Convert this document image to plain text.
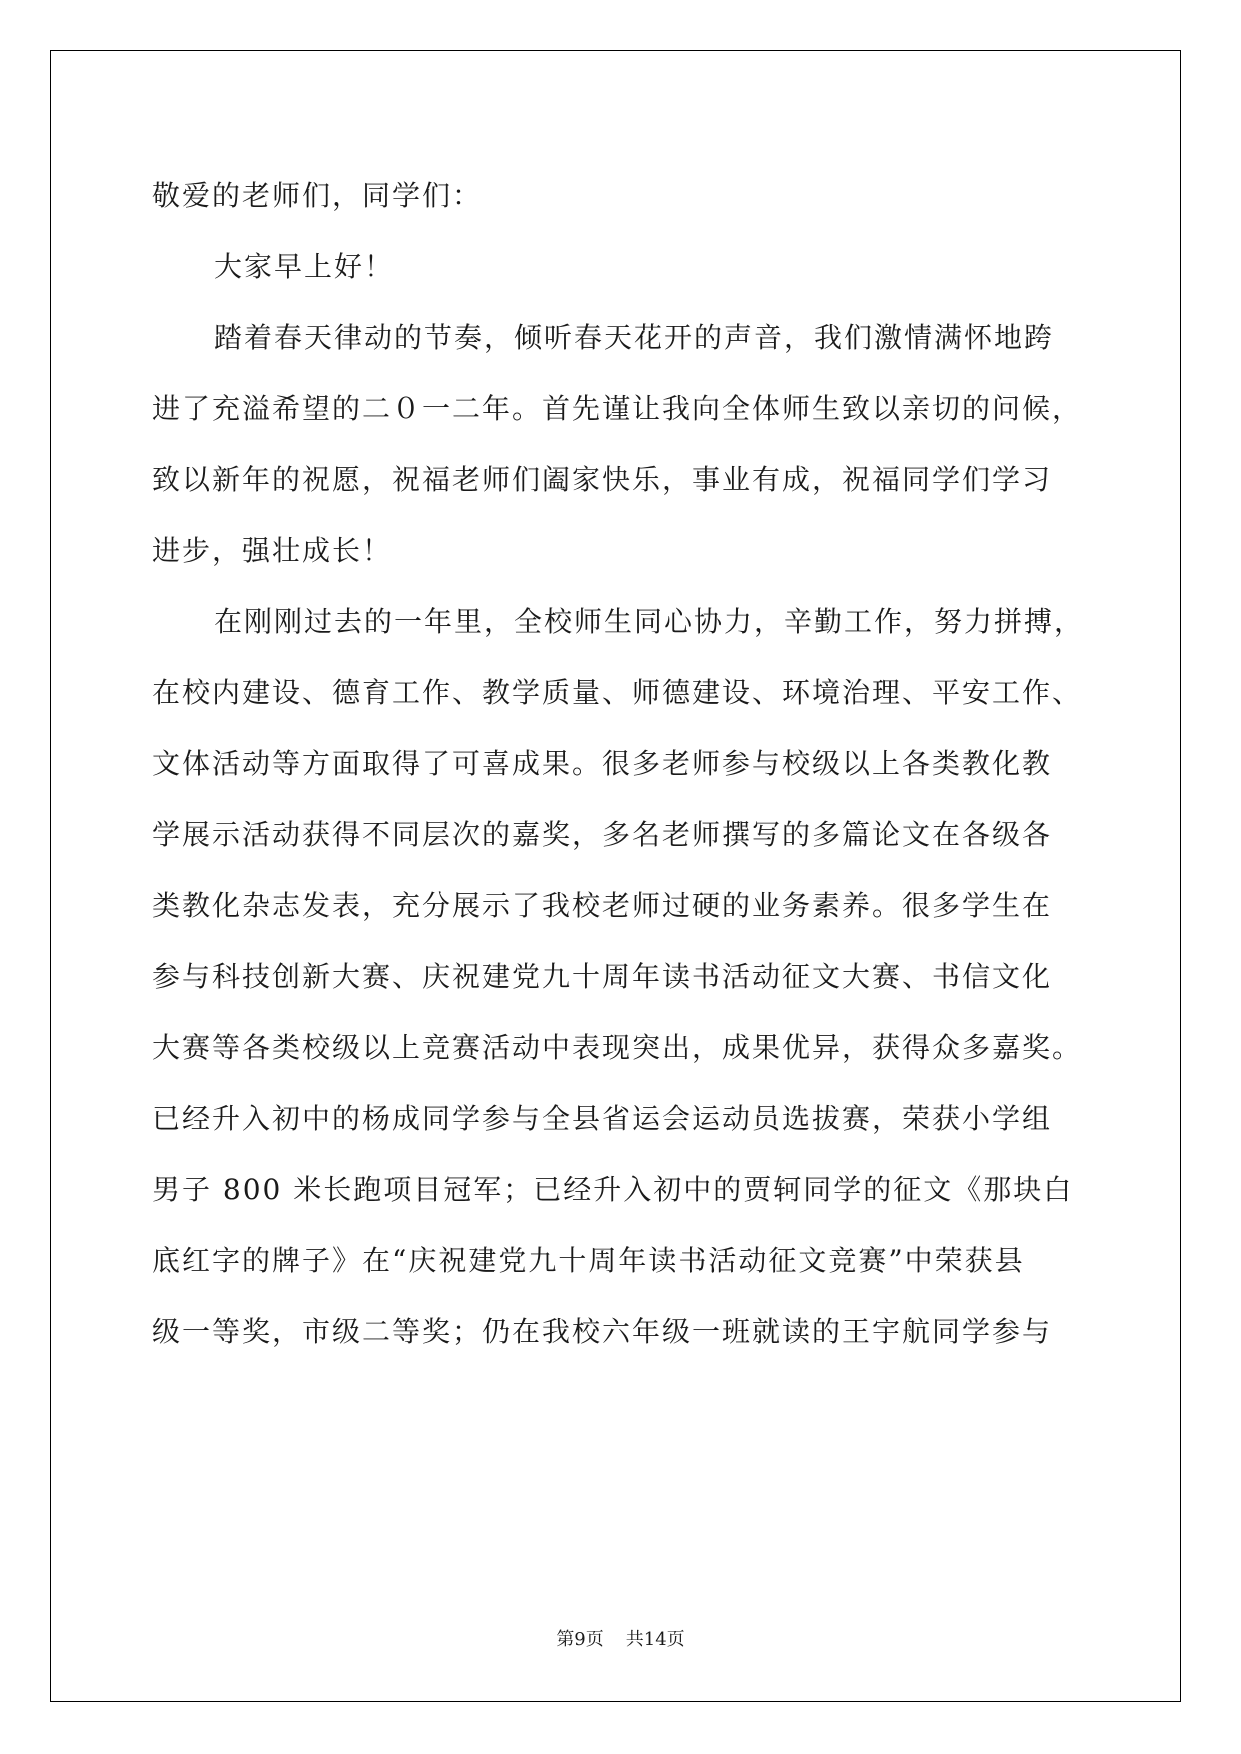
敬爱的老师们，同学们：
大家早上好！
踏着春天律动的节奏，倾听春天花开的声音，我们激情满怀地跨
进了充溢希望的二０一二年。首先谨让我向全体师生致以亲切的问候，
致以新年的祝愿，祝福老师们阖家快乐，事业有成，祝福同学们学习
进步，强壮成长！
在刚刚过去的一年里，全校师生同心协力，辛勤工作，努力拼搏，
在校内建设、德育工作、教学质量、师德建设、环境治理、平安工作、
文体活动等方面取得了可喜成果。很多老师参与校级以上各类教化教
学展示活动获得不同层次的嘉奖，多名老师撰写的多篇论文在各级各
类教化杂志发表，充分展示了我校老师过硬的业务素养。很多学生在
参与科技创新大赛、庆祝建党九十周年读书活动征文大赛、书信文化
大赛等各类校级以上竞赛活动中表现突出，成果优异，获得众多嘉奖。
已经升入初中的杨成同学参与全县省运会运动员选拔赛，荣获小学组
男子 800 米长跑项目冠军；已经升入初中的贾轲同学的征文《那块白
底红字的牌子》在“庆祝建党九十周年读书活动征文竞赛”中荣获县
级一等奖，市级二等奖；仍在我校六年级一班就读的王宇航同学参与
第9页 共14页
